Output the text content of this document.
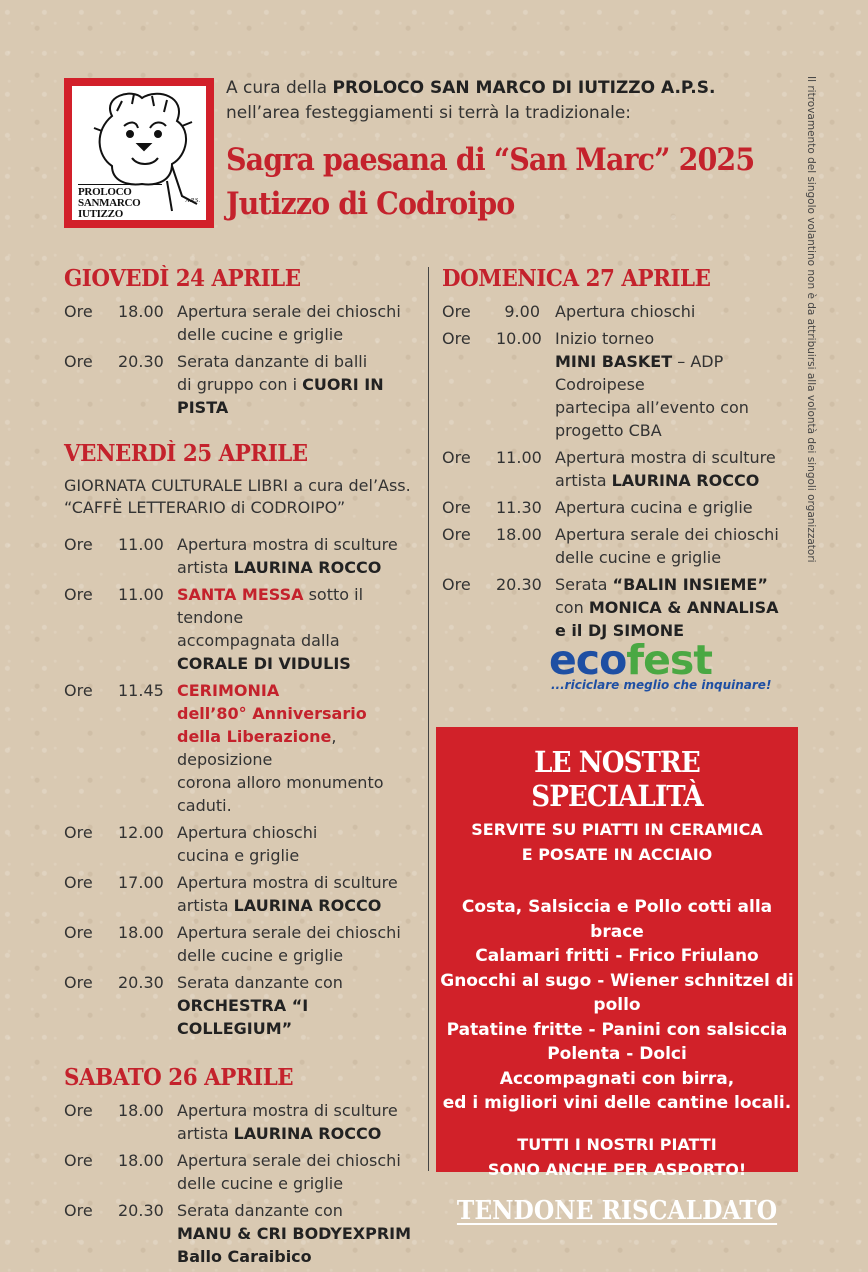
PROLOCO
SANMARCO
IUTIZZO
A.P.S.
A cura della PROLOCO SAN MARCO DI IUTIZZO A.P.S.
nell’area festeggiamenti si terrà la tradizionale:
Sagra paesana di “San Marc” 2025
Jutizzo di Codroipo	Il ritrovamento del singolo volantino non è da attribuirsi alla volontà dei singoli organizzatori
GIOVEDÌ 24 APRILE
Ore	18.00 Apertura serale dei chioschi
delle cucine e griglie
Ore	20.30 Serata danzante di balli
di gruppo con i CUORI IN PISTA
VENERDÌ 25 APRILE
GIORNATA CULTURALE LIBRI a cura del’Ass.
“CAFFÈ LETTERARIO di CODROIPO”
Ore	11.00 Apertura mostra di sculture
artista LAURINA ROCCO
Ore	11.00 SANTA MESSA sotto il tendone
accompagnata dalla
CORALE DI VIDULIS
Ore	11.45 CERIMONIA
dell’80° Anniversario
della Liberazione, deposizione
corona alloro monumento caduti.
Ore	12.00 Apertura chioschi
cucina e griglie
Ore	17.00 Apertura mostra di sculture
artista LAURINA ROCCO
Ore	18.00 Apertura serale dei chioschi
delle cucine e griglie
Ore	20.30 Serata danzante con
ORCHESTRA “I COLLEGIUM”
SABATO 26 APRILE
Ore	18.00 Apertura mostra di sculture
artista LAURINA ROCCO
Ore	18.00 Apertura serale dei chioschi
delle cucine e griglie
Ore	20.30 Serata danzante con
MANU & CRI BODYEXPRIM
Ballo Caraibico
DOMENICA 27 APRILE
Ore	9.00 Apertura chioschi
Ore	10.00 Inizio torneo
MINI BASKET – ADP Codroipese
partecipa all’evento con
progetto CBA
Ore	11.00 Apertura mostra di sculture
artista LAURINA ROCCO
Ore	11.30 Apertura cucina e griglie
Ore	18.00 Apertura serale dei chioschi
delle cucine e griglie
Ore	20.30 Serata “BALIN INSIEME”
con MONICA & ANNALISA
e il DJ SIMONE
ecofest
...riciclare meglio che inquinare!
LE NOSTRE SPECIALITÀ
SERVITE SU PIATTI IN CERAMICA
E POSATE IN ACCIAIO
Costa, Salsiccia e Pollo cotti alla brace
Calamari fritti - Frico Friulano
Gnocchi al sugo - Wiener schnitzel di pollo
Patatine fritte - Panini con salsiccia
Polenta - Dolci
Accompagnati con birra,
ed i migliori vini delle cantine locali.
TUTTI I NOSTRI PIATTI
SONO ANCHE PER ASPORTO!
TENDONE RISCALDATO
